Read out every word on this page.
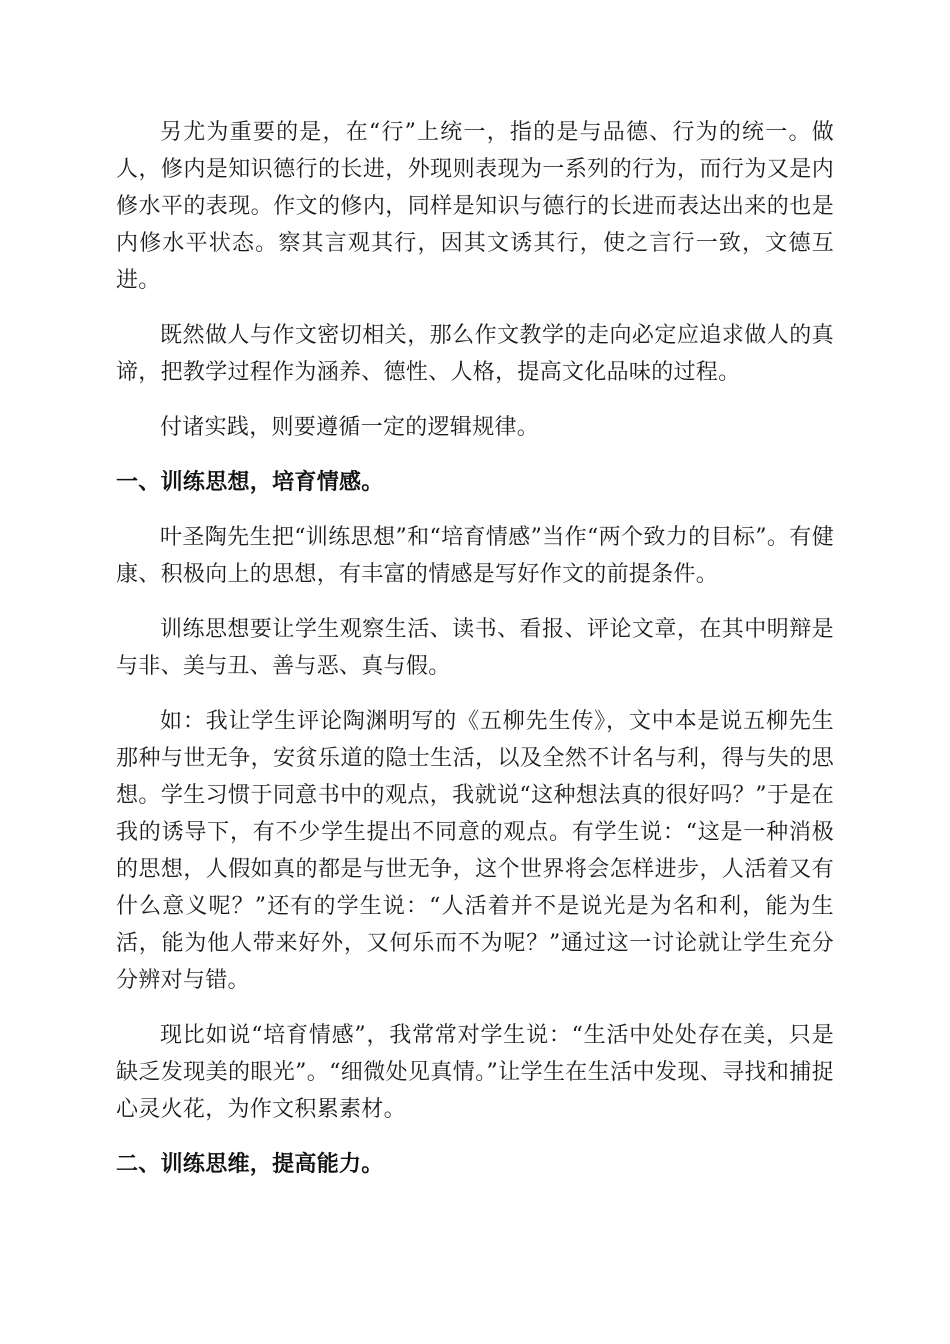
另尤为重要的是，在“行”上统一，指的是与品德、行为的统一。做人，修内是知识德行的长进，外现则表现为一系列的行为，而行为又是内修水平的表现。作文的修内，同样是知识与德行的长进而表达出来的也是内修水平状态。察其言观其行，因其文诱其行，使之言行一致，文德互进。

既然做人与作文密切相关，那么作文教学的走向必定应追求做人的真谛，把教学过程作为涵养、德性、人格，提高文化品味的过程。

付诸实践，则要遵循一定的逻辑规律。

一、训练思想，培育情感。

叶圣陶先生把“训练思想”和“培育情感”当作“两个致力的目标”。有健康、积极向上的思想，有丰富的情感是写好作文的前提条件。

训练思想要让学生观察生活、读书、看报、评论文章，在其中明辩是与非、美与丑、善与恶、真与假。

如：我让学生评论陶渊明写的《五柳先生传》，文中本是说五柳先生那种与世无争，安贫乐道的隐士生活，以及全然不计名与利，得与失的思想。学生习惯于同意书中的观点，我就说“这种想法真的很好吗？”于是在我的诱导下，有不少学生提出不同意的观点。有学生说：“这是一种消极的思想，人假如真的都是与世无争，这个世界将会怎样进步，人活着又有什么意义呢？”还有的学生说：“人活着并不是说光是为名和利，能为生活，能为他人带来好外，又何乐而不为呢？”通过这一讨论就让学生充分分辨对与错。

现比如说“培育情感”，我常常对学生说：“生活中处处存在美，只是缺乏发现美的眼光”。“细微处见真情。”让学生在生活中发现、寻找和捕捉心灵火花，为作文积累素材。

二、训练思维，提高能力。
